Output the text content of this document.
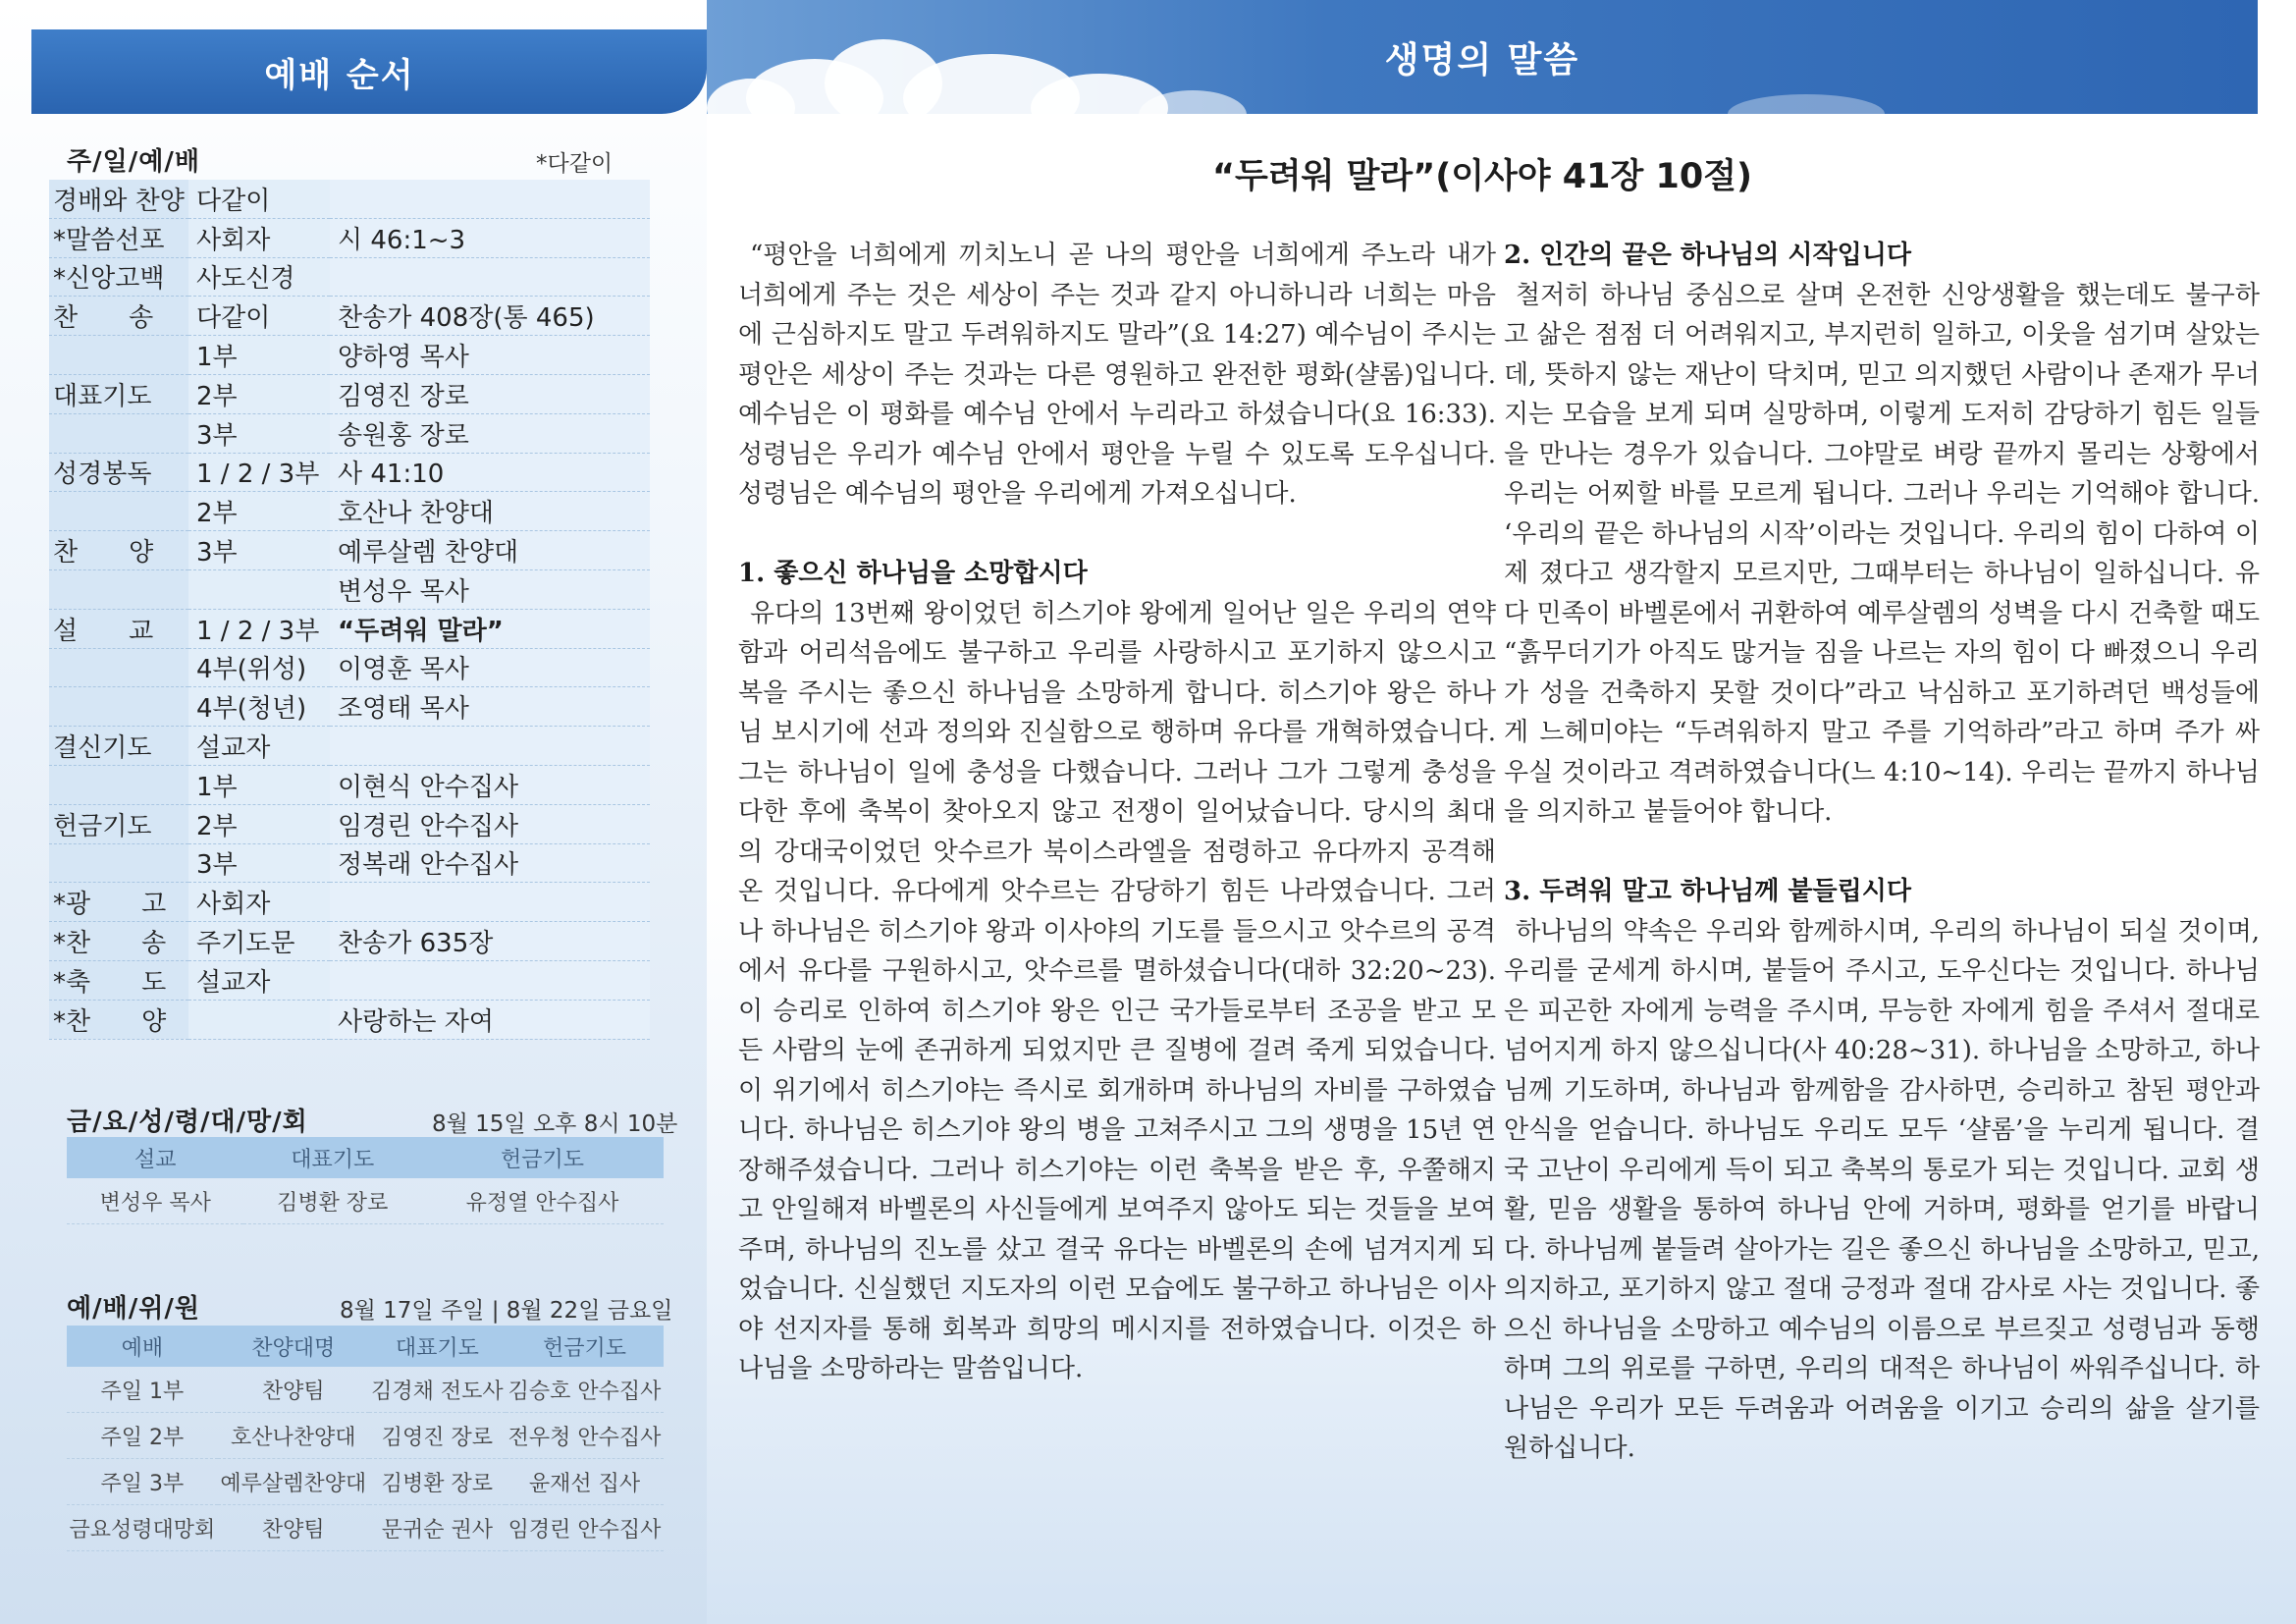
예배 순서
주/일/예/배	*다같이
경배와 찬양	다같이	
*말씀선포	사회자	시 46:1~3
*신앙고백	사도신경	
찬　　송	다같이	찬송가 408장(통 465)
	1부	양하영 목사
대표기도	2부	김영진 장로
	3부	송원홍 장로
성경봉독	1 / 2 / 3부	사 41:10
	2부	호산나 찬양대
찬　　양	3부	예루살렘 찬양대
		변성우 목사
설　　교	1 / 2 / 3부	“두려워 말라”
	4부(위성)	이영훈 목사
	4부(청년)	조영태 목사
결신기도	설교자	
	1부	이현식 안수집사
헌금기도	2부	임경린 안수집사
	3부	정복래 안수집사
*광　　고	사회자	
*찬　　송	주기도문	찬송가 635장
*축　　도	설교자	
*찬　　양		사랑하는 자여
금/요/성/령/대/망/회	8월 15일 오후 8시 10분
설교	대표기도	헌금기도
변성우 목사	김병환 장로	유정열 안수집사
예/배/위/원	8월 17일 주일 | 8월 22일 금요일
예배	찬양대명	대표기도	헌금기도
주일 1부	찬양팀	김경채 전도사	김승호 안수집사
주일 2부	호산나찬양대	김영진 장로	전우청 안수집사
주일 3부	예루살렘찬양대	김병환 장로	윤재선 집사
금요성령대망회	찬양팀	문귀순 권사	임경린 안수집사
생명의 말씀
“두려워 말라”(이사야 41장 10절)

“평안을 너희에게 끼치노니 곧 나의 평안을 너희에게 주노라 내가 너희에게 주는 것은 세상이 주는 것과 같지 아니하니라 너희는 마음에 근심하지도 말고 두려워하지도 말라”(요 14:27) 예수님이 주시는 평안은 세상이 주는 것과는 다른 영원하고 완전한 평화(샬롬)입니다. 예수님은 이 평화를 예수님 안에서 누리라고 하셨습니다(요 16:33). 성령님은 우리가 예수님 안에서 평안을 누릴 수 있도록 도우십니다. 성령님은 예수님의 평안을 우리에게 가져오십니다.

1. 좋으신 하나님을 소망합시다

유다의 13번째 왕이었던 히스기야 왕에게 일어난 일은 우리의 연약함과 어리석음에도 불구하고 우리를 사랑하시고 포기하지 않으시고 복을 주시는 좋으신 하나님을 소망하게 합니다. 히스기야 왕은 하나님 보시기에 선과 정의와 진실함으로 행하며 유다를 개혁하였습니다. 그는 하나님이 일에 충성을 다했습니다. 그러나 그가 그렇게 충성을 다한 후에 축복이 찾아오지 않고 전쟁이 일어났습니다. 당시의 최대의 강대국이었던 앗수르가 북이스라엘을 점령하고 유다까지 공격해 온 것입니다. 유다에게 앗수르는 감당하기 힘든 나라였습니다. 그러나 하나님은 히스기야 왕과 이사야의 기도를 들으시고 앗수르의 공격에서 유다를 구원하시고, 앗수르를 멸하셨습니다(대하 32:20~23). 이 승리로 인하여 히스기야 왕은 인근 국가들로부터 조공을 받고 모든 사람의 눈에 존귀하게 되었지만 큰 질병에 걸려 죽게 되었습니다. 이 위기에서 히스기야는 즉시로 회개하며 하나님의 자비를 구하였습니다. 하나님은 히스기야 왕의 병을 고쳐주시고 그의 생명을 15년 연장해주셨습니다. 그러나 히스기야는 이런 축복을 받은 후, 우쭐해지고 안일해져 바벨론의 사신들에게 보여주지 않아도 되는 것들을 보여주며, 하나님의 진노를 샀고 결국 유다는 바벨론의 손에 넘겨지게 되었습니다. 신실했던 지도자의 이런 모습에도 불구하고 하나님은 이사야 선지자를 통해 회복과 희망의 메시지를 전하였습니다. 이것은 하나님을 소망하라는 말씀입니다.

2. 인간의 끝은 하나님의 시작입니다

철저히 하나님 중심으로 살며 온전한 신앙생활을 했는데도 불구하고 삶은 점점 더 어려워지고, 부지런히 일하고, 이웃을 섬기며 살았는데, 뜻하지 않는 재난이 닥치며, 믿고 의지했던 사람이나 존재가 무너지는 모습을 보게 되며 실망하며, 이렇게 도저히 감당하기 힘든 일들을 만나는 경우가 있습니다. 그야말로 벼랑 끝까지 몰리는 상황에서 우리는 어찌할 바를 모르게 됩니다. 그러나 우리는 기억해야 합니다. ‘우리의 끝은 하나님의 시작’이라는 것입니다. 우리의 힘이 다하여 이제 졌다고 생각할지 모르지만, 그때부터는 하나님이 일하십니다. 유다 민족이 바벨론에서 귀환하여 예루살렘의 성벽을 다시 건축할 때도 “흙무더기가 아직도 많거늘 짐을 나르는 자의 힘이 다 빠졌으니 우리가 성을 건축하지 못할 것이다”라고 낙심하고 포기하려던 백성들에게 느헤미야는 “두려워하지 말고 주를 기억하라”라고 하며 주가 싸우실 것이라고 격려하였습니다(느 4:10~14). 우리는 끝까지 하나님을 의지하고 붙들어야 합니다.

3. 두려워 말고 하나님께 붙들립시다

하나님의 약속은 우리와 함께하시며, 우리의 하나님이 되실 것이며, 우리를 굳세게 하시며, 붙들어 주시고, 도우신다는 것입니다. 하나님은 피곤한 자에게 능력을 주시며, 무능한 자에게 힘을 주셔서 절대로 넘어지게 하지 않으십니다(사 40:28~31). 하나님을 소망하고, 하나님께 기도하며, 하나님과 함께함을 감사하면, 승리하고 참된 평안과 안식을 얻습니다. 하나님도 우리도 모두 ‘샬롬’을 누리게 됩니다. 결국 고난이 우리에게 득이 되고 축복의 통로가 되는 것입니다. 교회 생활, 믿음 생활을 통하여 하나님 안에 거하며, 평화를 얻기를 바랍니다. 하나님께 붙들려 살아가는 길은 좋으신 하나님을 소망하고, 믿고, 의지하고, 포기하지 않고 절대 긍정과 절대 감사로 사는 것입니다. 좋으신 하나님을 소망하고 예수님의 이름으로 부르짖고 성령님과 동행하며 그의 위로를 구하면, 우리의 대적은 하나님이 싸워주십니다. 하나님은 우리가 모든 두려움과 어려움을 이기고 승리의 삶을 살기를 원하십니다.
